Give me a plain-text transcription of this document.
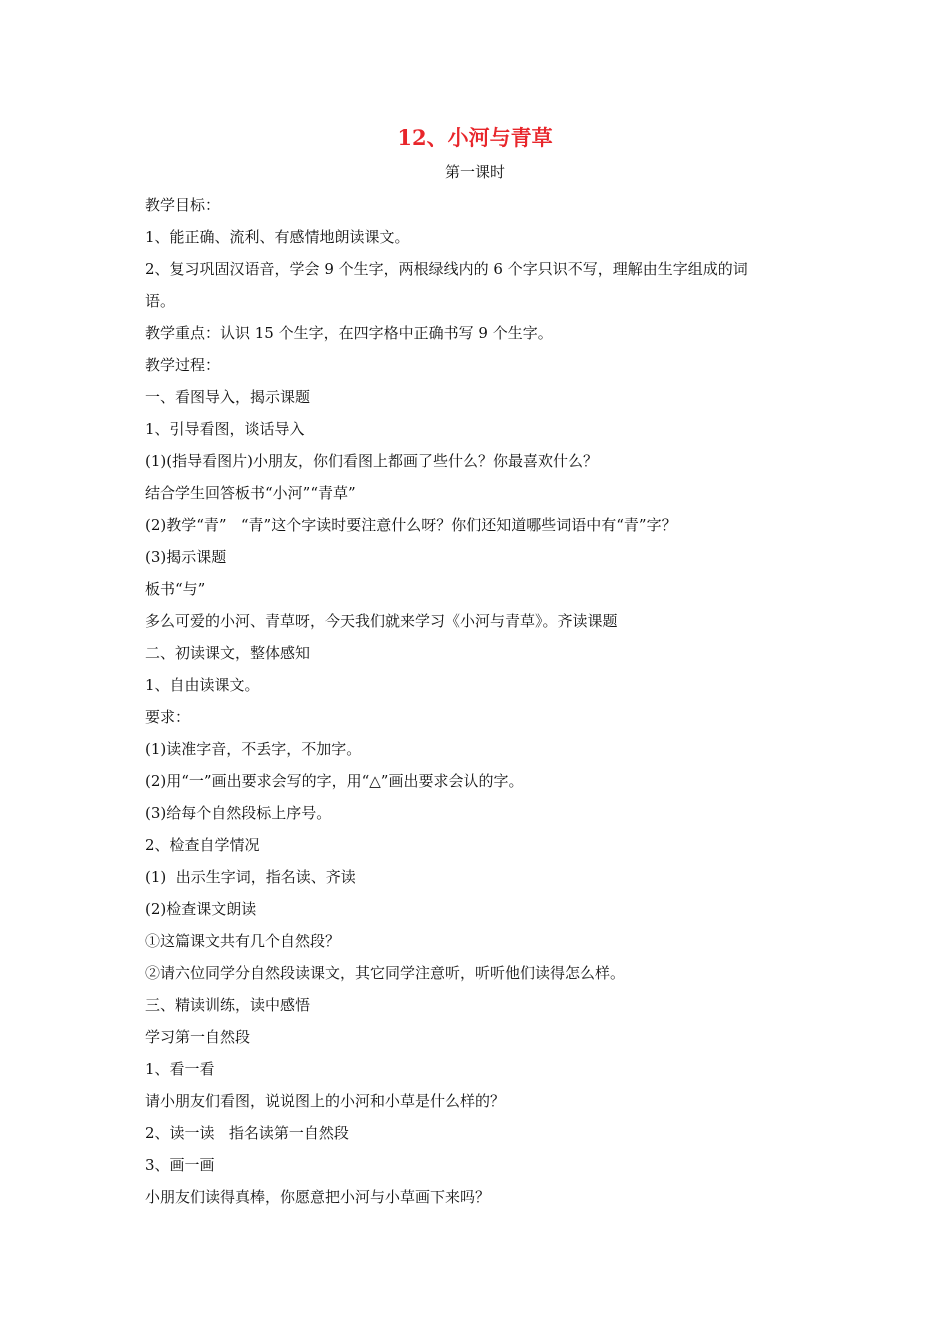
12、小河与青草

第一课时

教学目标：

1、能正确、流利、有感情地朗读课文。

2、复习巩固汉语音，学会 9 个生字，两根绿线内的 6 个字只识不写，理解由生字组成的词

语。

教学重点：认识 15 个生字，在四字格中正确书写 9 个生字。

教学过程：

一、看图导入，揭示课题

1、引导看图，谈话导入

(1)(指导看图片)小朋友，你们看图上都画了些什么？你最喜欢什么？

结合学生回答板书“小河”“青草”

(2)教学“青”   “青”这个字读时要注意什么呀？你们还知道哪些词语中有“青”字？

(3)揭示课题

板书“与”

多么可爱的小河、青草呀，今天我们就来学习《小河与青草》。齐读课题

二、初读课文，整体感知

1、自由读课文。

要求：

(1)读准字音，不丢字，不加字。

(2)用“一”画出要求会写的字，用“△”画出要求会认的字。

(3)给每个自然段标上序号。

2、检查自学情况

(1)  出示生字词，指名读、齐读

(2)检查课文朗读

①这篇课文共有几个自然段？

②请六位同学分自然段读课文，其它同学注意听，听听他们读得怎么样。

三、精读训练，读中感悟

学习第一自然段

1、看一看

请小朋友们看图，说说图上的小河和小草是什么样的？

2、读一读   指名读第一自然段

3、画一画

小朋友们读得真棒，你愿意把小河与小草画下来吗？
